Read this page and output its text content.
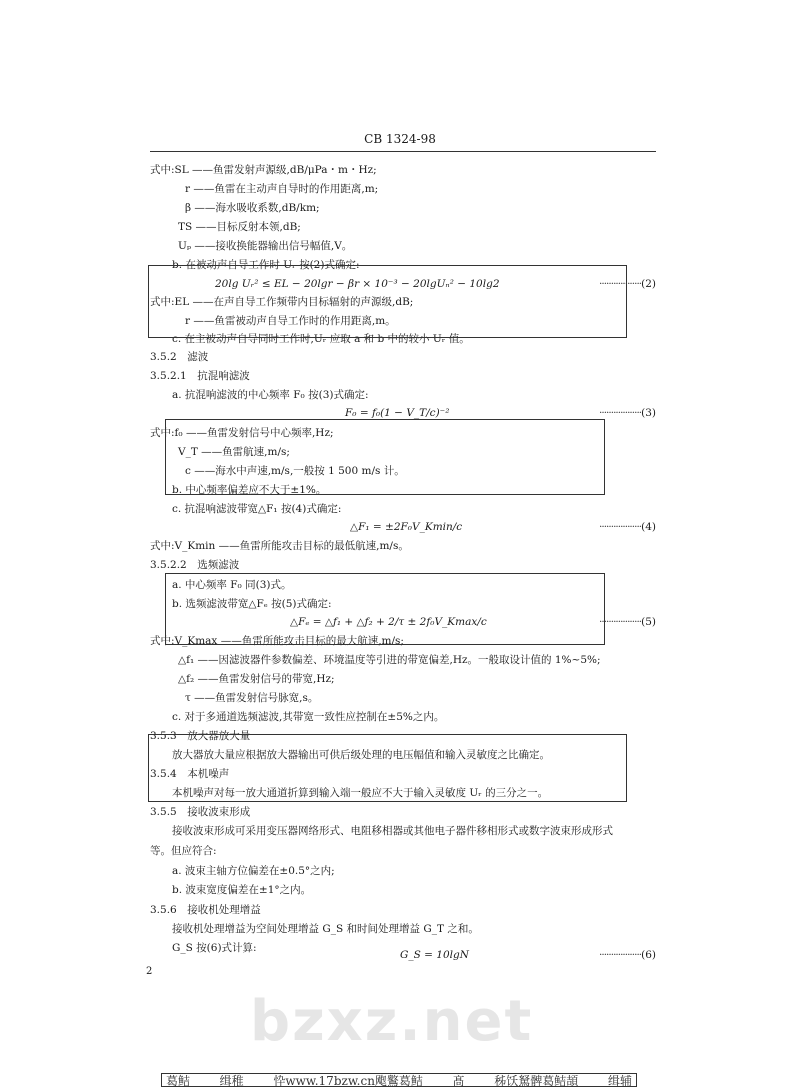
bzxz.net
CB 1324-98
式中:SL ——鱼雷发射声源级,dB/μPa・m・Hz;
r ——鱼雷在主动声自导时的作用距离,m;
β ——海水吸收系数,dB/km;
TS ——目标反射本领,dB;
Uₚ ——接收换能器输出信号幅值,V。
b. 在被动声自导工作时 Uᵣ 按(2)式确定:
20lg Uᵣ² ≤ EL − 20lgr − βr × 10⁻³ − 20lgUₙ² − 10lg2	··················(2)
式中:EL ——在声自导工作频带内目标辐射的声源级,dB;
r ——鱼雷被动声自导工作时的作用距离,m。
c. 在主被动声自导同时工作时,Uᵣ 应取 a 和 b 中的较小 Uᵣ 值。
3.5.2　滤波
3.5.2.1　抗混响滤波
a. 抗混响滤波的中心频率 F₀ 按(3)式确定:
F₀ = f₀(1 − V_T/c)⁻²	··················(3)
式中:f₀ ——鱼雷发射信号中心频率,Hz;
V_T ——鱼雷航速,m/s;
c ——海水中声速,m/s,一般按 1 500 m/s 计。
b. 中心频率偏差应不大于±1%。
c. 抗混响滤波带宽△F₁ 按(4)式确定:
△F₁ = ±2F₀V_Kmin/c	··················(4)
式中:V_Kmin ——鱼雷所能攻击目标的最低航速,m/s。
3.5.2.2　选频滤波
a. 中心频率 F₀ 同(3)式。
b. 选频滤波带宽△Fₑ 按(5)式确定:
△Fₑ = △f₁ + △f₂ + 2/τ ± 2f₀V_Kmax/c	··················(5)
式中:V_Kmax ——鱼雷所能攻击目标的最大航速,m/s;
△f₁ ——因滤波器件参数偏差、环境温度等引进的带宽偏差,Hz。一般取设计值的 1%~5%;
△f₂ ——鱼雷发射信号的带宽,Hz;
τ ——鱼雷发射信号脉宽,s。
c. 对于多通道选频滤波,其带宽一致性应控制在±5%之内。
3.5.3　放大器放大量
放大器放大量应根据放大器输出可供后级处理的电压幅值和输入灵敏度之比确定。
3.5.4　本机噪声
本机噪声对每一放大通道折算到输入端一般应不大于输入灵敏度 Uᵣ 的三分之一。
3.5.5　接收波束形成
接收波束形成可采用变压器网络形式、电阻移相器或其他电子器件移相形式或数字波束形成形式
等。但应符合:
a. 波束主轴方位偏差在±0.5°之内;
b. 波束宽度偏差在±1°之内。
3.5.6　接收机处理增益
接收机处理增益为空间处理增益 G_S 和时间处理增益 G_T 之和。
G_S 按(6)式计算:
G_S = 10lgN	··················(6)
2
葛鲒 缉稚 忰www.17bzw.cn飑鸄葛鲒 髙 秭饫駑髀葛鲒頡 缉辅
